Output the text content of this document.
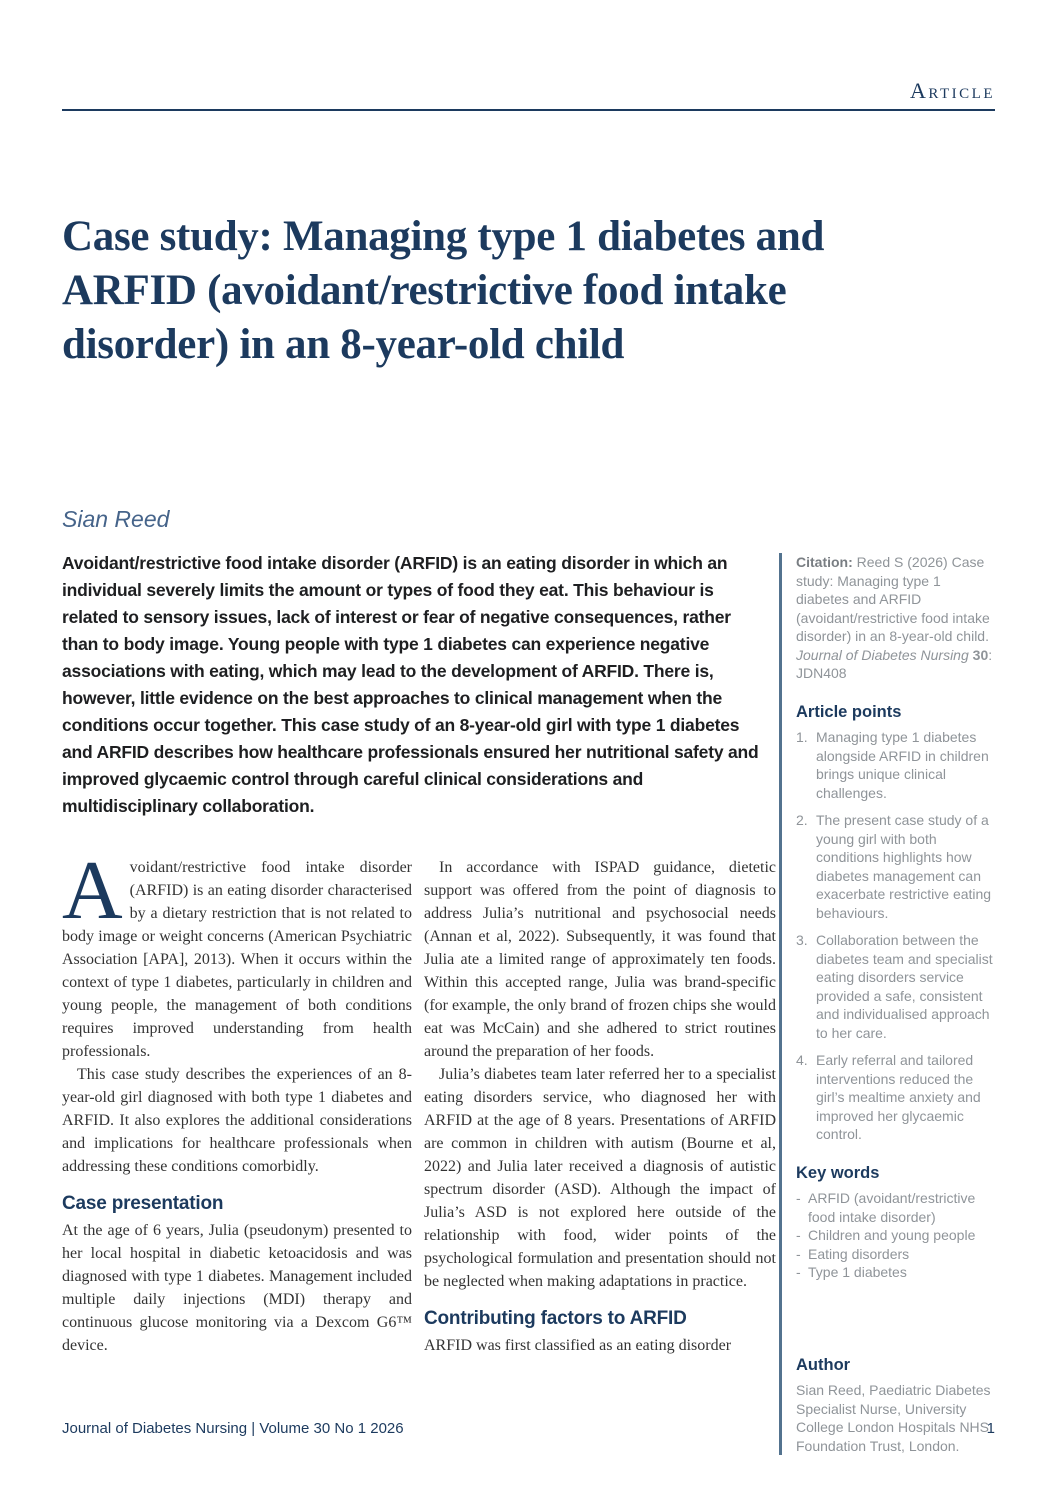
Article
Case study: Managing type 1 diabetes and
ARFID (avoidant/restrictive food intake
disorder) in an 8-year-old child
Sian Reed
Avoidant/restrictive food intake disorder (ARFID) is an eating disorder in which an individual severely limits the amount or types of food they eat. This behaviour is related to sensory issues, lack of interest or fear of negative consequences, rather than to body image. Young people with type 1 diabetes can experience negative associations with eating, which may lead to the development of ARFID. There is, however, little evidence on the best approaches to clinical management when the conditions occur together. This case study of an 8-year-old girl with type 1 diabetes and ARFID describes how healthcare professionals ensured her nutritional safety and improved glycaemic control through careful clinical considerations and multidisciplinary collaboration.

Avoidant/restrictive food intake disorder (ARFID) is an eating disorder characterised by a dietary restriction that is not related to body image or weight concerns (American Psychiatric Association [APA], 2013). When it occurs within the context of type 1 diabetes, particularly in children and young people, the management of both conditions requires improved understanding from health professionals.

This case study describes the experiences of an 8-year-old girl diagnosed with both type 1 diabetes and ARFID. It also explores the additional considerations and implications for healthcare professionals when addressing these conditions comorbidly.

Case presentation

At the age of 6 years, Julia (pseudonym) presented to her local hospital in diabetic ketoacidosis and was diagnosed with type 1 diabetes. Management included multiple daily injections (MDI) therapy and continuous glucose monitoring via a Dexcom G6™ device.

In accordance with ISPAD guidance, dietetic support was offered from the point of diagnosis to address Julia’s nutritional and psychosocial needs (Annan et al, 2022). Subsequently, it was found that Julia ate a limited range of approximately ten foods. Within this accepted range, Julia was brand-specific (for example, the only brand of frozen chips she would eat was McCain) and she adhered to strict routines around the preparation of her foods.

Julia’s diabetes team later referred her to a specialist eating disorders service, who diagnosed her with ARFID at the age of 8 years. Presentations of ARFID are common in children with autism (Bourne et al, 2022) and Julia later received a diagnosis of autistic spectrum disorder (ASD). Although the impact of Julia’s ASD is not explored here outside of the relationship with food, wider points of the psychological formulation and presentation should not be neglected when making adaptations in practice.

Contributing factors to ARFID

ARFID was first classified as an eating disorder

Citation: Reed S (2026) Case study: Managing type 1 diabetes and ARFID (avoidant/restrictive food intake disorder) in an 8-year-old child. Journal of Diabetes Nursing 30: JDN408

Article points
Managing type 1 diabetes alongside ARFID in children brings unique clinical challenges.
The present case study of a young girl with both conditions highlights how diabetes management can exacerbate restrictive eating behaviours.
Collaboration between the diabetes team and specialist eating disorders service provided a safe, consistent and individualised approach to her care.
Early referral and tailored interventions reduced the girl’s mealtime anxiety and improved her glycaemic control.
Key words
- ARFID (avoidant/restrictive food intake disorder)
- Children and young people
- Eating disorders
- Type 1 diabetes
Author

Sian Reed, Paediatric Diabetes Specialist Nurse, University College London Hospitals NHS Foundation Trust, London.

Journal of Diabetes Nursing | Volume 30 No 1 2026	1
